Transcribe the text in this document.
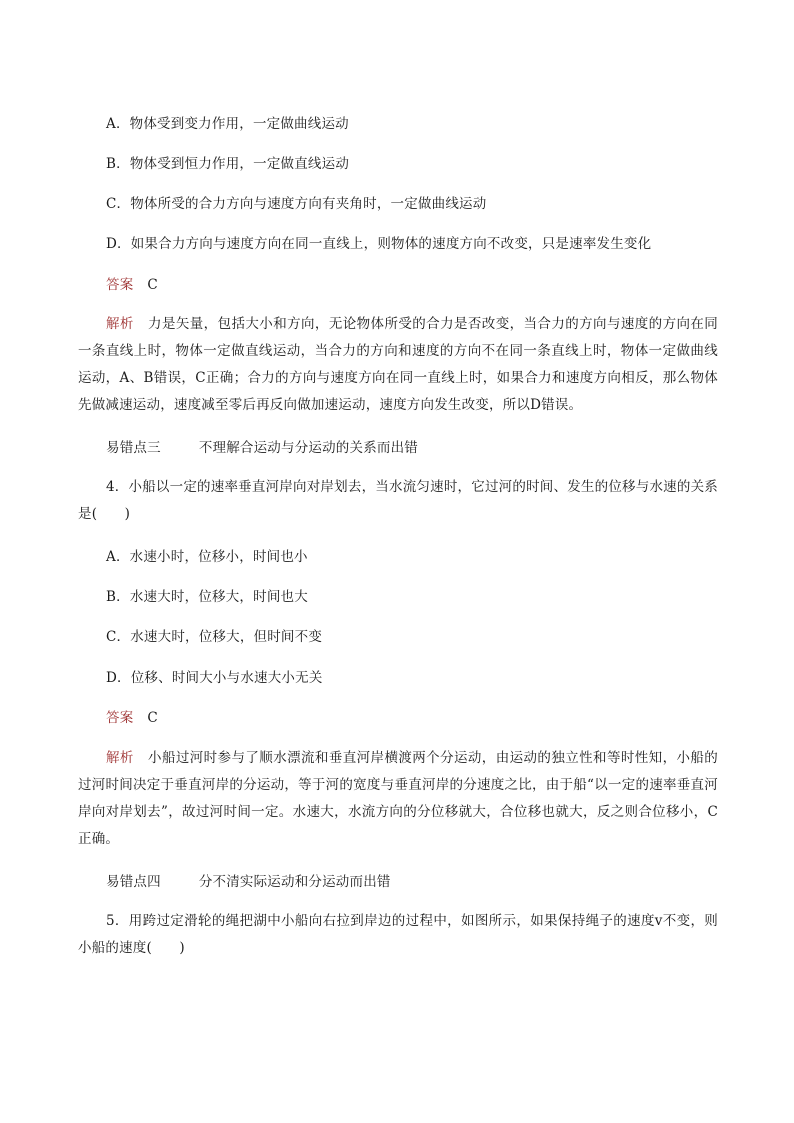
A．物体受到变力作用，一定做曲线运动
B．物体受到恒力作用，一定做直线运动
C．物体所受的合力方向与速度方向有夹角时，一定做曲线运动
D．如果合力方向与速度方向在同一直线上，则物体的速度方向不改变，只是速率发生变化
答案 C
解析 力是矢量，包括大小和方向，无论物体所受的合力是否改变，当合力的方向与速度的方向在同一条直线上时，物体一定做直线运动，当合力的方向和速度的方向不在同一条直线上时，物体一定做曲线运动，A、B错误，C正确；合力的方向与速度方向在同一直线上时，如果合力和速度方向相反，那么物体先做减速运动，速度减至零后再反向做加速运动，速度方向发生改变，所以D错误。
易错点三	不理解合运动与分运动的关系而出错
4．小船以一定的速率垂直河岸向对岸划去，当水流匀速时，它过河的时间、发生的位移与水速的关系是(　　)
A．水速小时，位移小，时间也小
B．水速大时，位移大，时间也大
C．水速大时，位移大，但时间不变
D．位移、时间大小与水速大小无关
答案 C
解析 小船过河时参与了顺水漂流和垂直河岸横渡两个分运动，由运动的独立性和等时性知，小船的过河时间决定于垂直河岸的分运动，等于河的宽度与垂直河岸的分速度之比，由于船“以一定的速率垂直河岸向对岸划去”，故过河时间一定。水速大，水流方向的分位移就大，合位移也就大，反之则合位移小，C正确。
易错点四	分不清实际运动和分运动而出错
5．用跨过定滑轮的绳把湖中小船向右拉到岸边的过程中，如图所示，如果保持绳子的速度v不变，则小船的速度(　　)
